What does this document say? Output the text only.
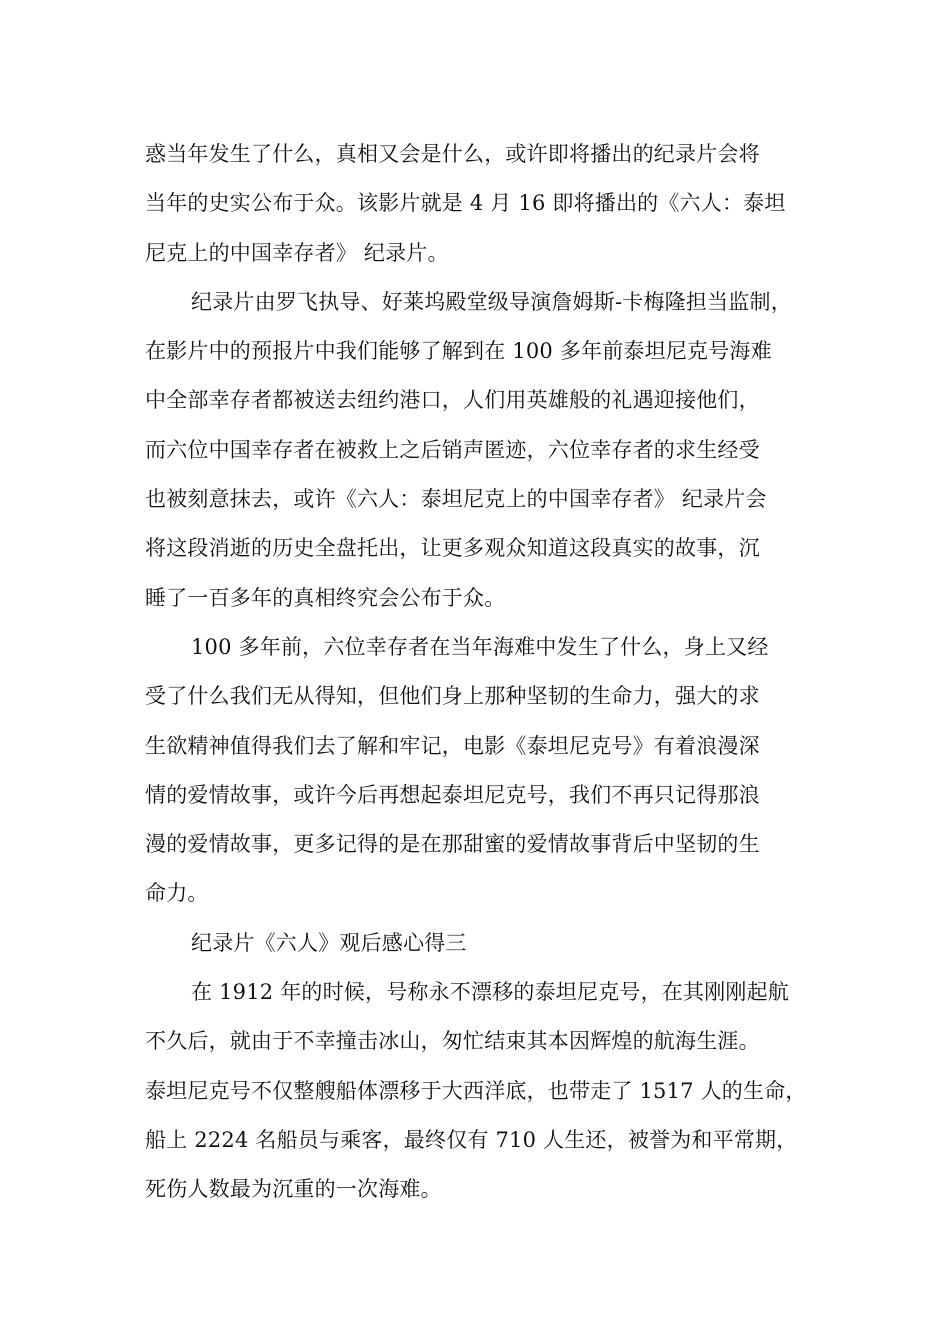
惑当年发生了什么，真相又会是什么，或许即将播出的纪录片会将
当年的史实公布于众。该影片就是 4 月 16 即将播出的《六人：泰坦
尼克上的中国幸存者》 纪录片。
纪录片由罗飞执导、好莱坞殿堂级导演詹姆斯-卡梅隆担当监制，
在影片中的预报片中我们能够了解到在 100 多年前泰坦尼克号海难
中全部幸存者都被送去纽约港口，人们用英雄般的礼遇迎接他们，
而六位中国幸存者在被救上之后销声匿迹，六位幸存者的求生经受
也被刻意抹去，或许《六人：泰坦尼克上的中国幸存者》 纪录片会
将这段消逝的历史全盘托出，让更多观众知道这段真实的故事，沉
睡了一百多年的真相终究会公布于众。
100 多年前，六位幸存者在当年海难中发生了什么，身上又经
受了什么我们无从得知，但他们身上那种坚韧的生命力，强大的求
生欲精神值得我们去了解和牢记，电影《泰坦尼克号》有着浪漫深
情的爱情故事，或许今后再想起泰坦尼克号，我们不再只记得那浪
漫的爱情故事，更多记得的是在那甜蜜的爱情故事背后中坚韧的生
命力。
纪录片《六人》观后感心得三
在 1912 年的时候，号称永不漂移的泰坦尼克号，在其刚刚起航
不久后，就由于不幸撞击冰山，匆忙结束其本因辉煌的航海生涯。
泰坦尼克号不仅整艘船体漂移于大西洋底，也带走了 1517 人的生命，
船上 2224 名船员与乘客，最终仅有 710 人生还，被誉为和平常期，
死伤人数最为沉重的一次海难。
